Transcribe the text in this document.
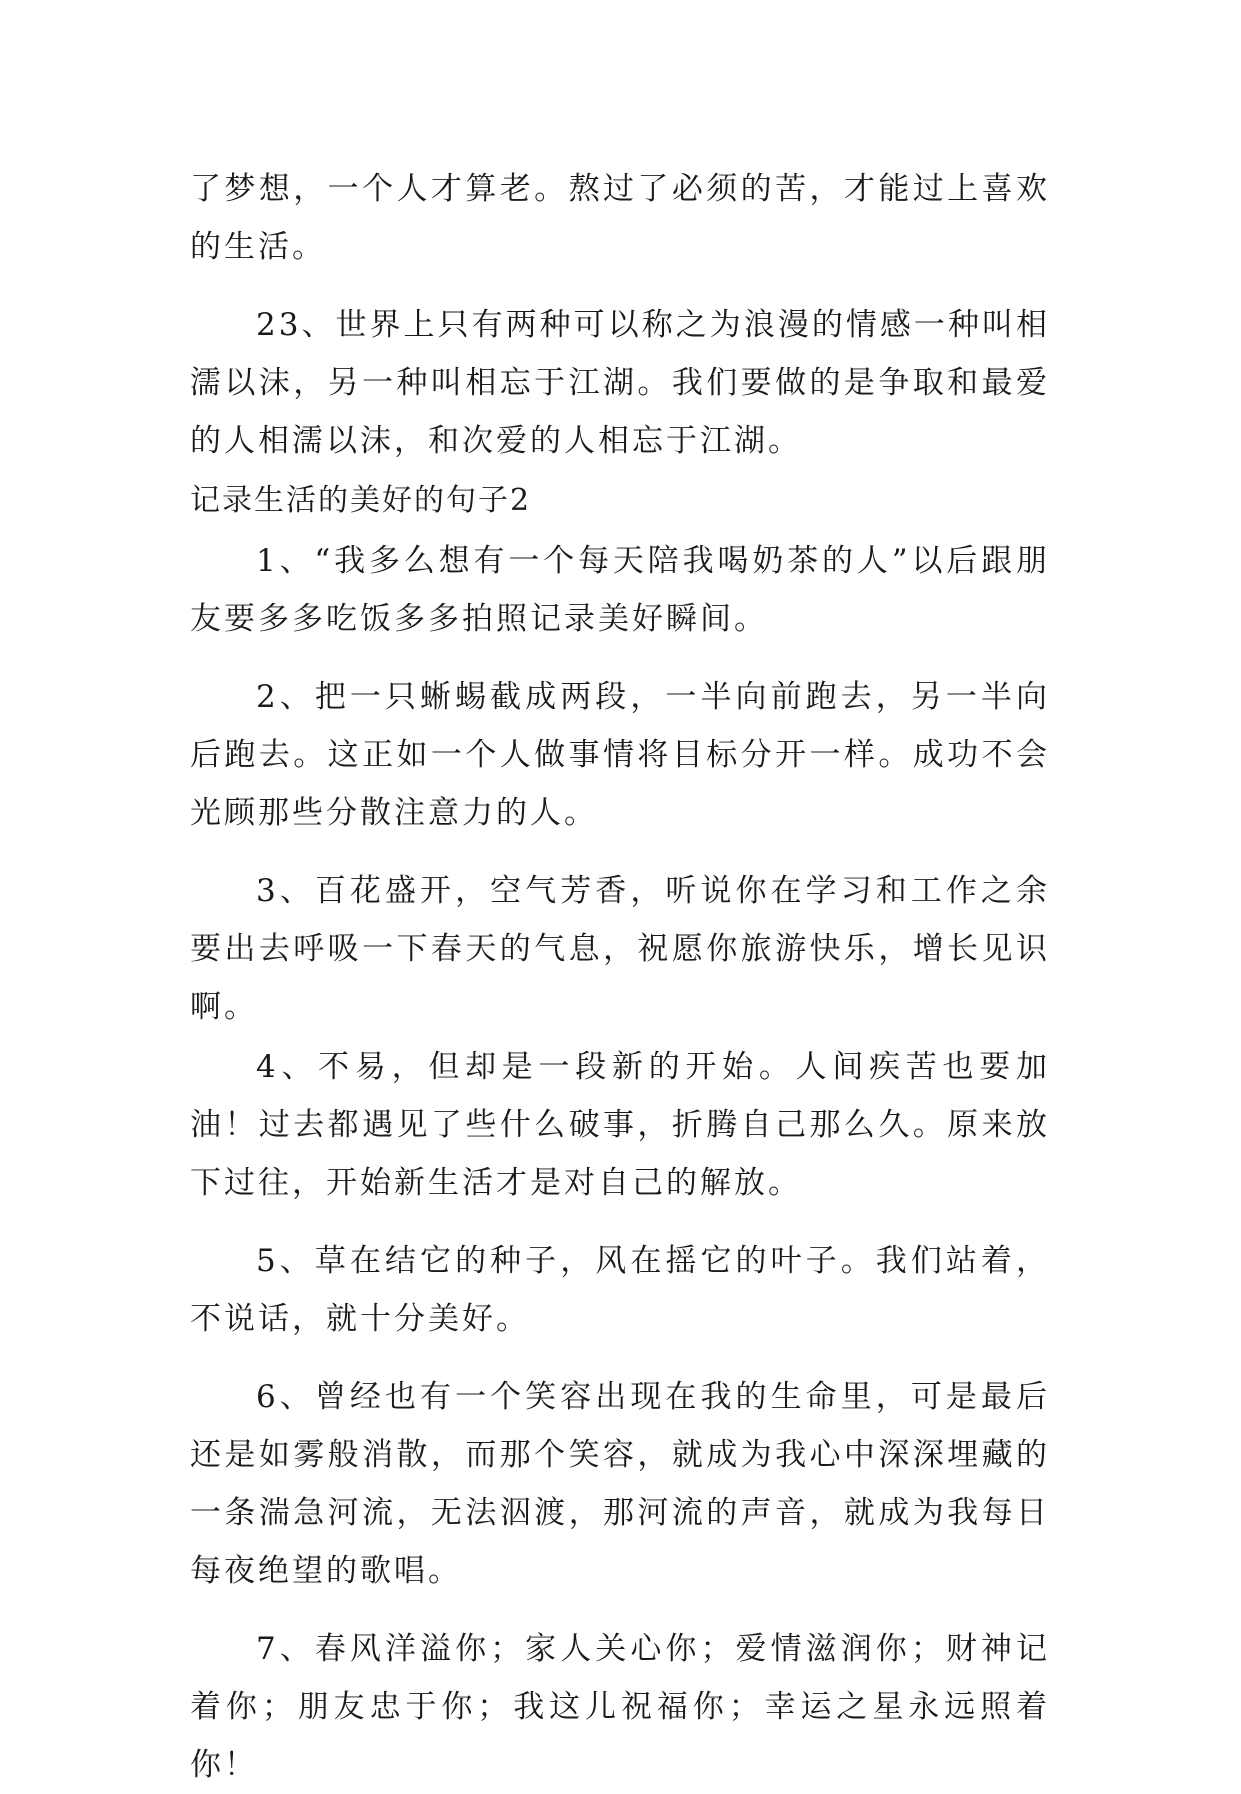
了梦想，一个人才算老。熬过了必须的苦，才能过上喜欢的生活。

23、世界上只有两种可以称之为浪漫的情感一种叫相濡以沫，另一种叫相忘于江湖。我们要做的是争取和最爱的人相濡以沫，和次爱的人相忘于江湖。

记录生活的美好的句子2

1、“我多么想有一个每天陪我喝奶茶的人”以后跟朋友要多多吃饭多多拍照记录美好瞬间。

2、把一只蜥蜴截成两段，一半向前跑去，另一半向后跑去。这正如一个人做事情将目标分开一样。成功不会光顾那些分散注意力的人。

3、百花盛开，空气芳香，听说你在学习和工作之余要出去呼吸一下春天的气息，祝愿你旅游快乐，增长见识啊。

4、不易，但却是一段新的开始。人间疾苦也要加油！过去都遇见了些什么破事，折腾自己那么久。原来放下过往，开始新生活才是对自己的解放。

5、草在结它的种子，风在摇它的叶子。我们站着，不说话，就十分美好。

6、曾经也有一个笑容出现在我的生命里，可是最后还是如雾般消散，而那个笑容，就成为我心中深深埋藏的一条湍急河流，无法泅渡，那河流的声音，就成为我每日每夜绝望的歌唱。

7、春风洋溢你；家人关心你；爱情滋润你；财神记着你；朋友忠于你；我这儿祝福你；幸运之星永远照着你！
